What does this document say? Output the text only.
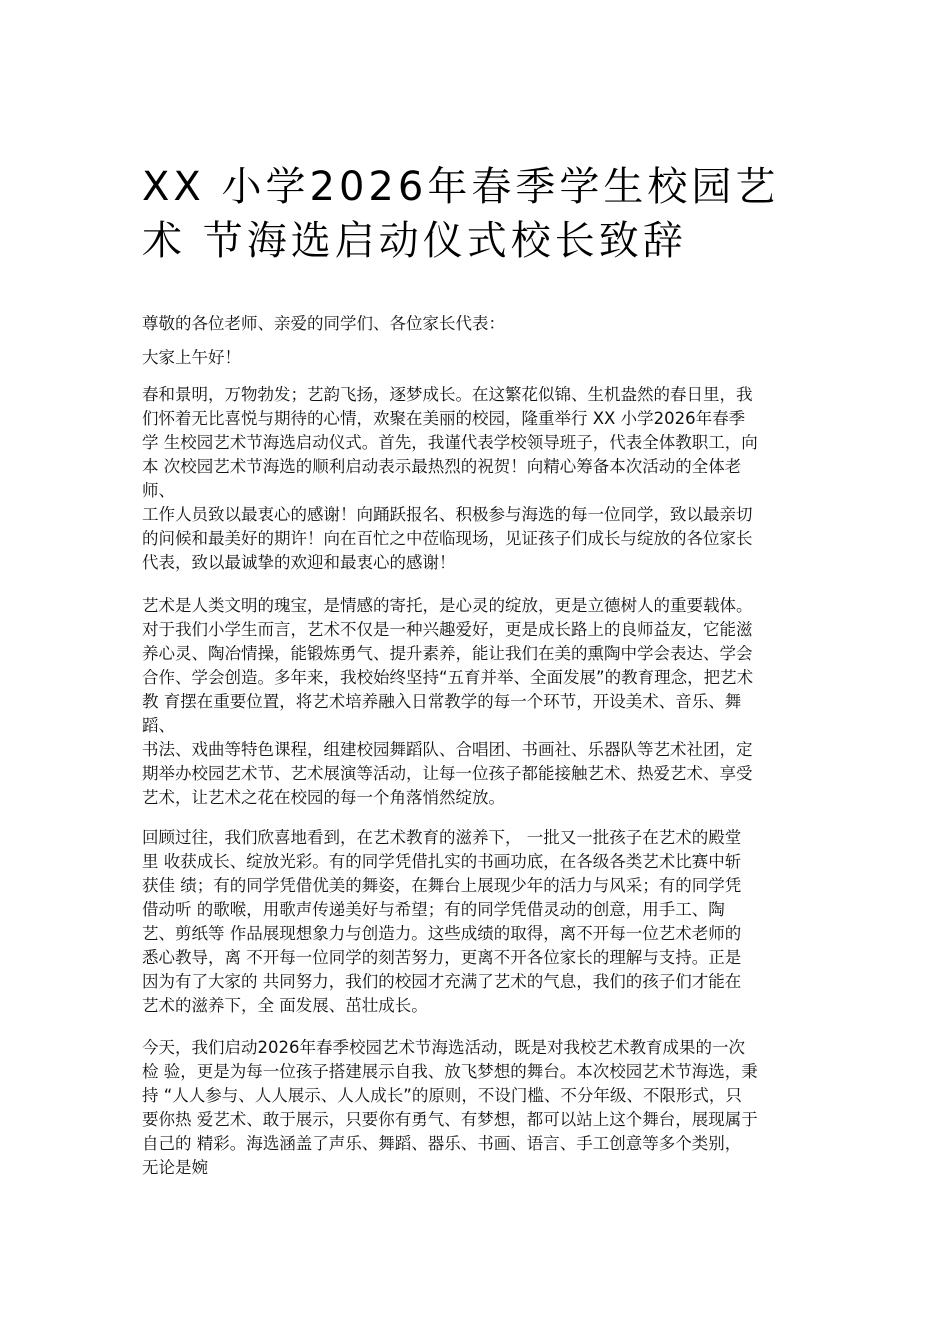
XX 小学2026年春季学生校园艺
术 节海选启动仪式校长致辞

尊敬的各位老师、亲爱的同学们、各位家长代表：

大家上午好！

春和景明，万物勃发；艺韵飞扬，逐梦成长。在这繁花似锦、生机盎然的春日里，我
们怀着无比喜悦与期待的心情，欢聚在美丽的校园，隆重举行 XX 小学2026年春季
学 生校园艺术节海选启动仪式。首先，我谨代表学校领导班子，代表全体教职工，向
本 次校园艺术节海选的顺利启动表示最热烈的祝贺！向精心筹备本次活动的全体老
师、
工作人员致以最衷心的感谢！向踊跃报名、积极参与海选的每一位同学，致以最亲切
的问候和最美好的期许！向在百忙之中莅临现场，见证孩子们成长与绽放的各位家长
代表，致以最诚挚的欢迎和最衷心的感谢！

艺术是人类文明的瑰宝，是情感的寄托，是心灵的绽放，更是立德树人的重要载体。
对于我们小学生而言，艺术不仅是一种兴趣爱好，更是成长路上的良师益友，它能滋
养心灵、陶冶情操，能锻炼勇气、提升素养，能让我们在美的熏陶中学会表达、学会
合作、学会创造。多年来，我校始终坚持“五育并举、全面发展”的教育理念，把艺术
教 育摆在重要位置，将艺术培养融入日常教学的每一个环节，开设美术、音乐、舞
蹈、
书法、戏曲等特色课程，组建校园舞蹈队、合唱团、书画社、乐器队等艺术社团，定
期举办校园艺术节、艺术展演等活动，让每一位孩子都能接触艺术、热爱艺术、享受
艺术，让艺术之花在校园的每一个角落悄然绽放。

回顾过往，我们欣喜地看到，在艺术教育的滋养下， 一批又一批孩子在艺术的殿堂
里 收获成长、绽放光彩。有的同学凭借扎实的书画功底，在各级各类艺术比赛中斩
获佳 绩；有的同学凭借优美的舞姿，在舞台上展现少年的活力与风采；有的同学凭
借动听 的歌喉，用歌声传递美好与希望；有的同学凭借灵动的创意，用手工、陶
艺、剪纸等 作品展现想象力与创造力。这些成绩的取得，离不开每一位艺术老师的
悉心教导，离 不开每一位同学的刻苦努力，更离不开各位家长的理解与支持。正是
因为有了大家的 共同努力，我们的校园才充满了艺术的气息，我们的孩子们才能在
艺术的滋养下，全 面发展、茁壮成长。

今天，我们启动2026年春季校园艺术节海选活动，既是对我校艺术教育成果的一次
检 验，更是为每一位孩子搭建展示自我、放飞梦想的舞台。本次校园艺术节海选，秉
持 “人人参与、人人展示、人人成长”的原则，不设门槛、不分年级、不限形式，只
要你热 爱艺术、敢于展示，只要你有勇气、有梦想，都可以站上这个舞台，展现属于
自己的 精彩。海选涵盖了声乐、舞蹈、器乐、书画、语言、手工创意等多个类别，
无论是婉
